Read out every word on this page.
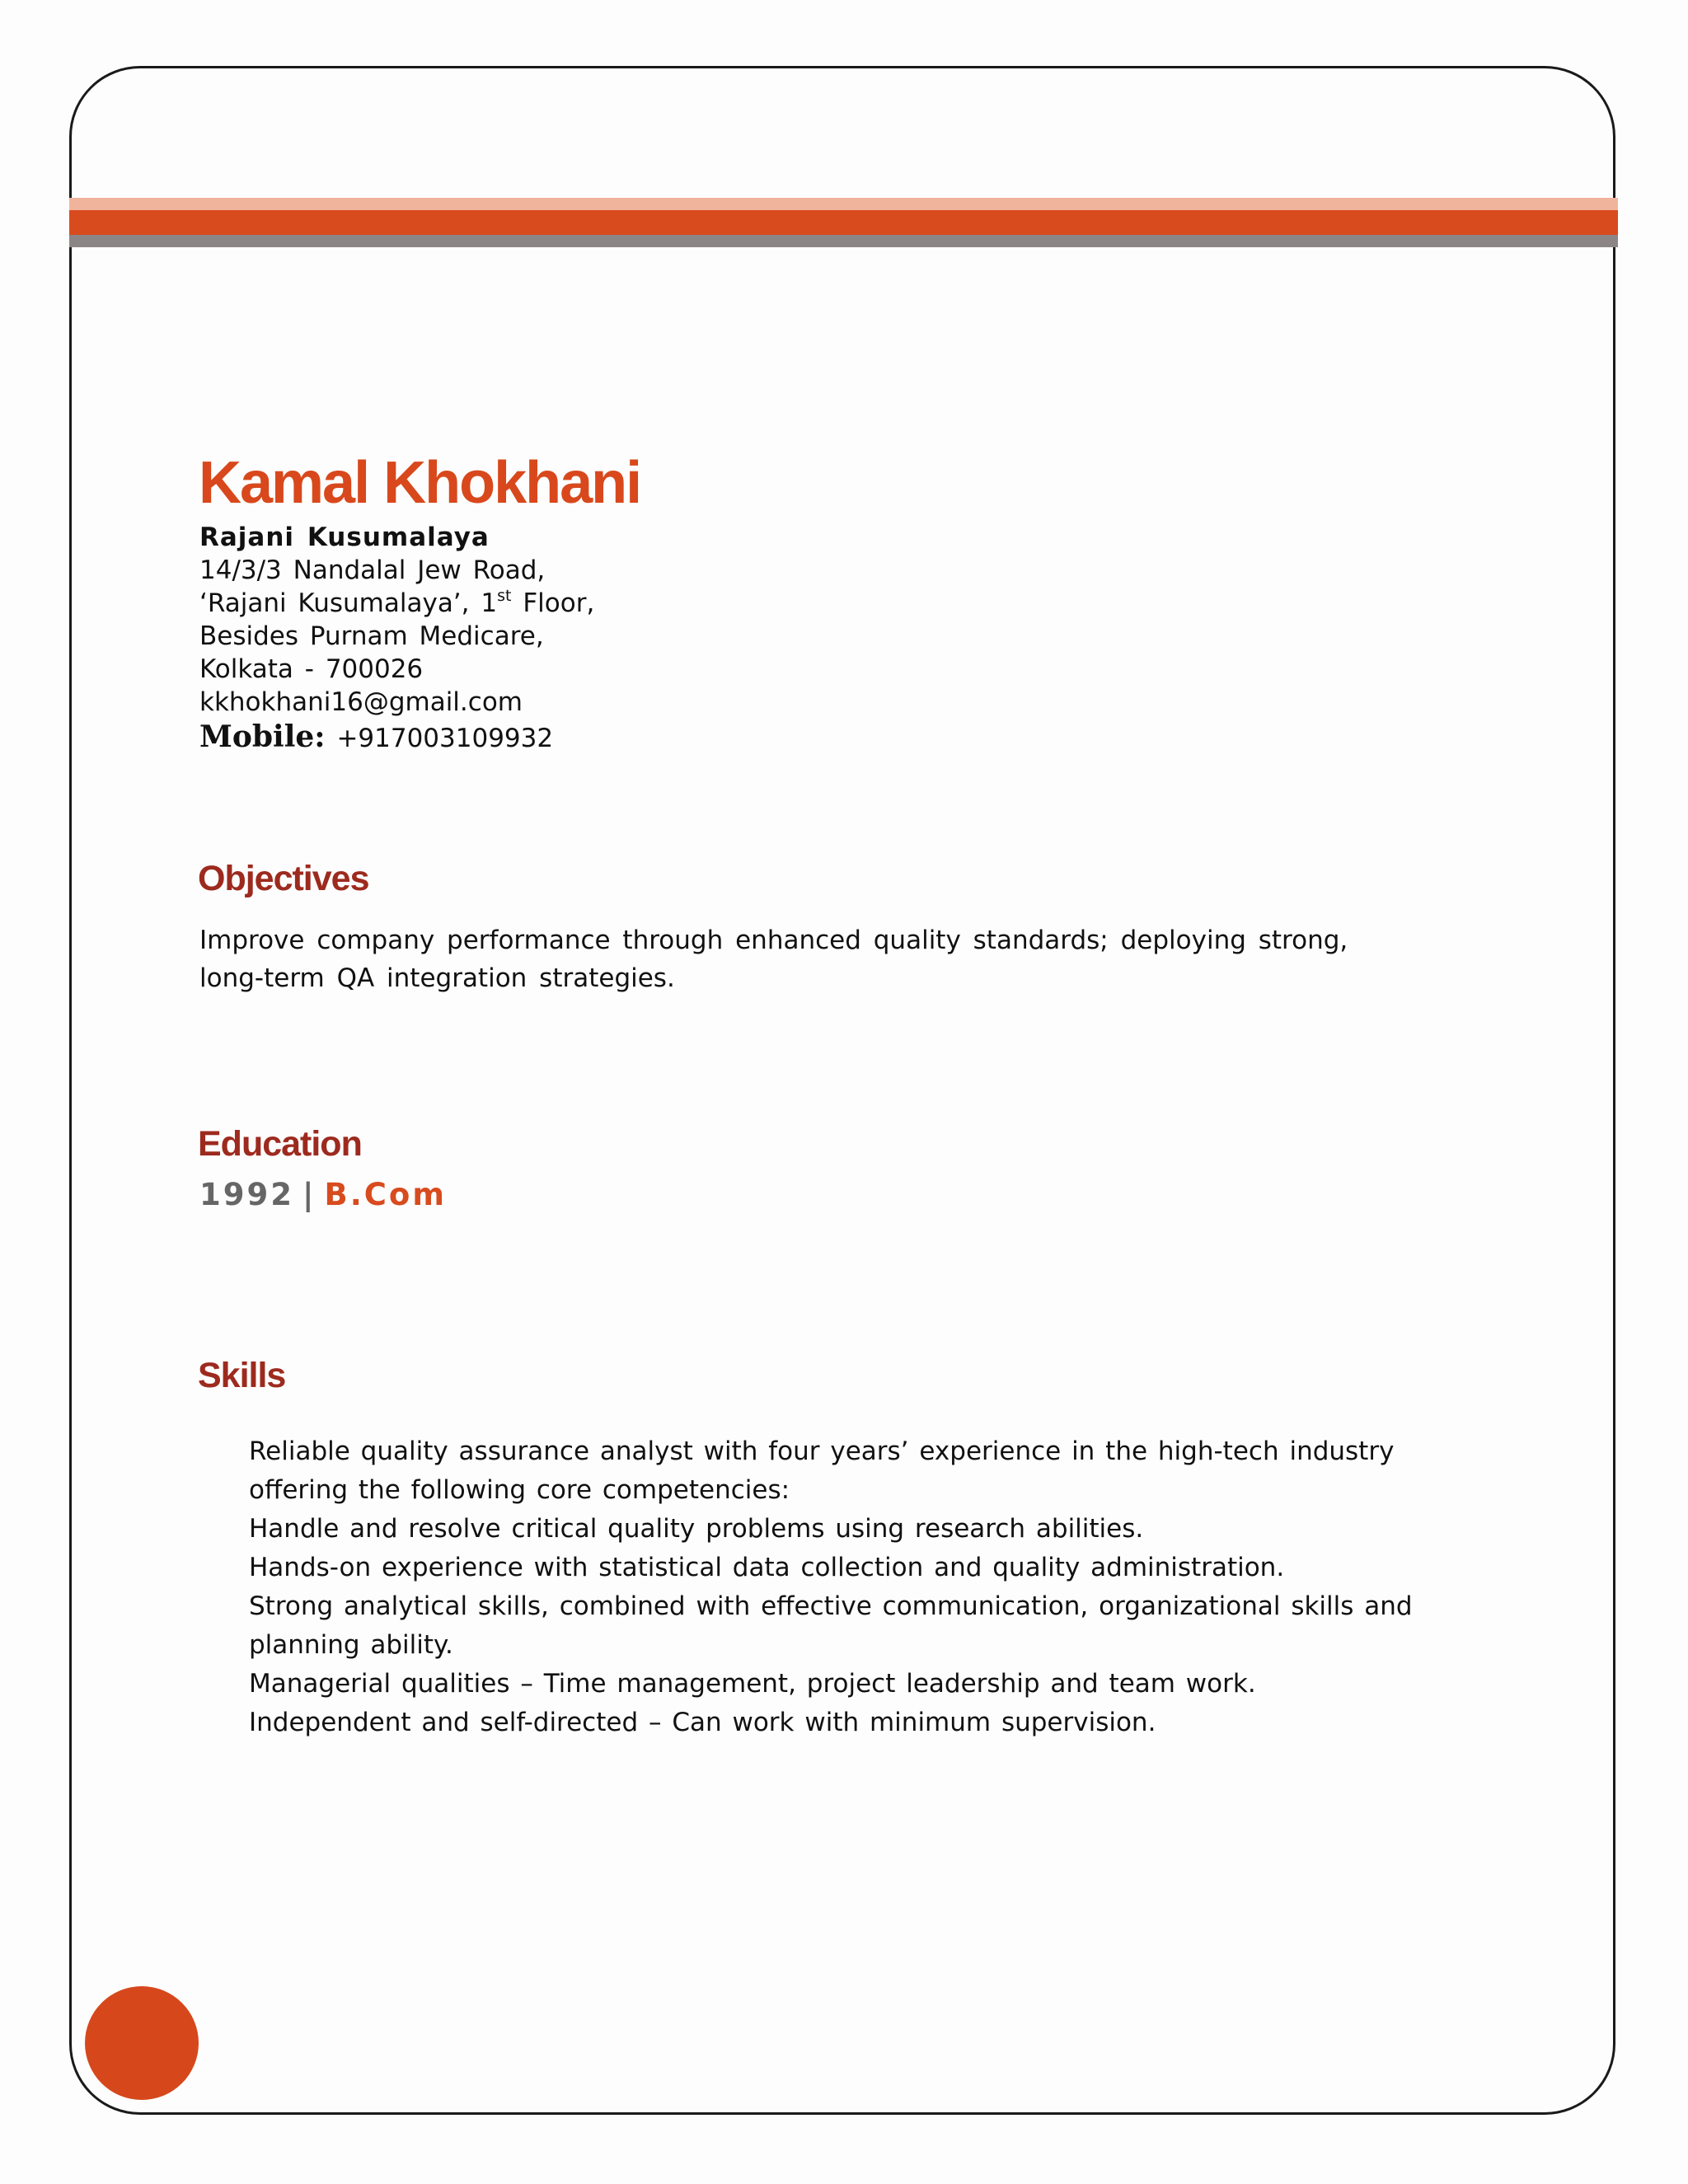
Kamal Khokhani
Rajani Kusumalaya
14/3/3 Nandalal Jew Road,
‘Rajani Kusumalaya’, 1st Floor,
Besides Purnam Medicare,
Kolkata - 700026
kkhokhani16@gmail.com
Mobile: +917003109932
Objectives
Improve company performance through enhanced quality standards; deploying strong,
long-term QA integration strategies.
Education
1992 | B.Com
Skills
Reliable quality assurance analyst with four years’ experience in the high-tech industry
offering the following core competencies:
Handle and resolve critical quality problems using research abilities.
Hands-on experience with statistical data collection and quality administration.
Strong analytical skills, combined with effective communication, organizational skills and
planning ability.
Managerial qualities – Time management, project leadership and team work.
Independent and self-directed – Can work with minimum supervision.
